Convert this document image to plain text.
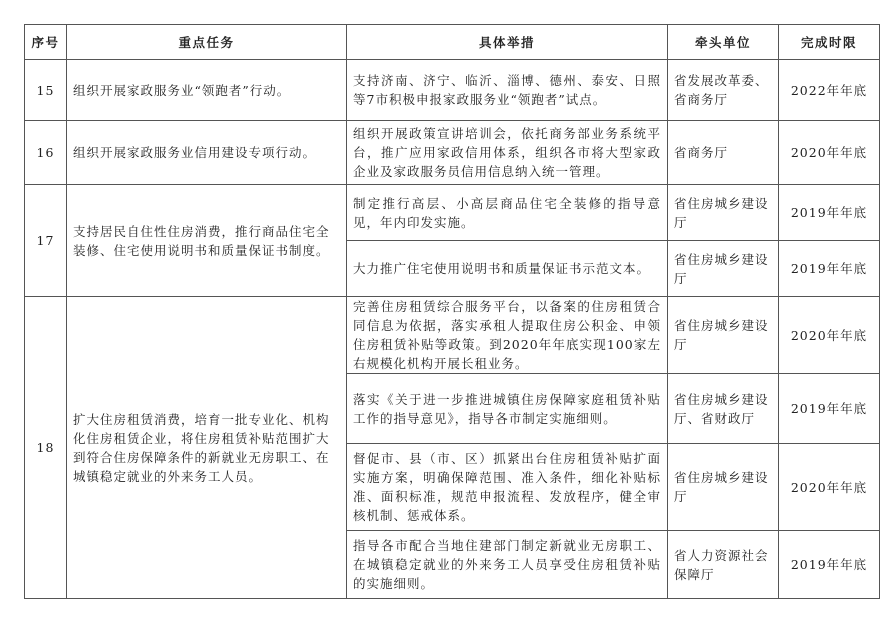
序号	重点任务	具体举措	牵头单位	完成时限
15	组织开展家政服务业“领跑者”行动。	支持济南、济宁、临沂、淄博、德州、泰安、日照等7市积极申报家政服务业“领跑者”试点。	省发展改革委、省商务厅	2022年年底
16	组织开展家政服务业信用建设专项行动。	组织开展政策宣讲培训会，依托商务部业务系统平台，推广应用家政信用体系，组织各市将大型家政企业及家政服务员信用信息纳入统一管理。	省商务厅	2020年年底
17	支持居民自住性住房消费，推行商品住宅全装修、住宅使用说明书和质量保证书制度。	制定推行高层、小高层商品住宅全装修的指导意见，年内印发实施。	省住房城乡建设厅	2019年年底
		大力推广住宅使用说明书和质量保证书示范文本。	省住房城乡建设厅	2019年年底
18	扩大住房租赁消费，培育一批专业化、机构化住房租赁企业，将住房租赁补贴范围扩大到符合住房保障条件的新就业无房职工、在城镇稳定就业的外来务工人员。	完善住房租赁综合服务平台，以备案的住房租赁合同信息为依据，落实承租人提取住房公积金、申领住房租赁补贴等政策。到2020年年底实现100家左右规模化机构开展长租业务。	省住房城乡建设厅	2020年年底
		落实《关于进一步推进城镇住房保障家庭租赁补贴工作的指导意见》，指导各市制定实施细则。	省住房城乡建设厅、省财政厅	2019年年底
		督促市、县（市、区）抓紧出台住房租赁补贴扩面实施方案，明确保障范围、准入条件，细化补贴标准、面积标准，规范申报流程、发放程序，健全审核机制、惩戒体系。	省住房城乡建设厅	2020年年底
		指导各市配合当地住建部门制定新就业无房职工、在城镇稳定就业的外来务工人员享受住房租赁补贴的实施细则。	省人力资源社会保障厅	2019年年底
